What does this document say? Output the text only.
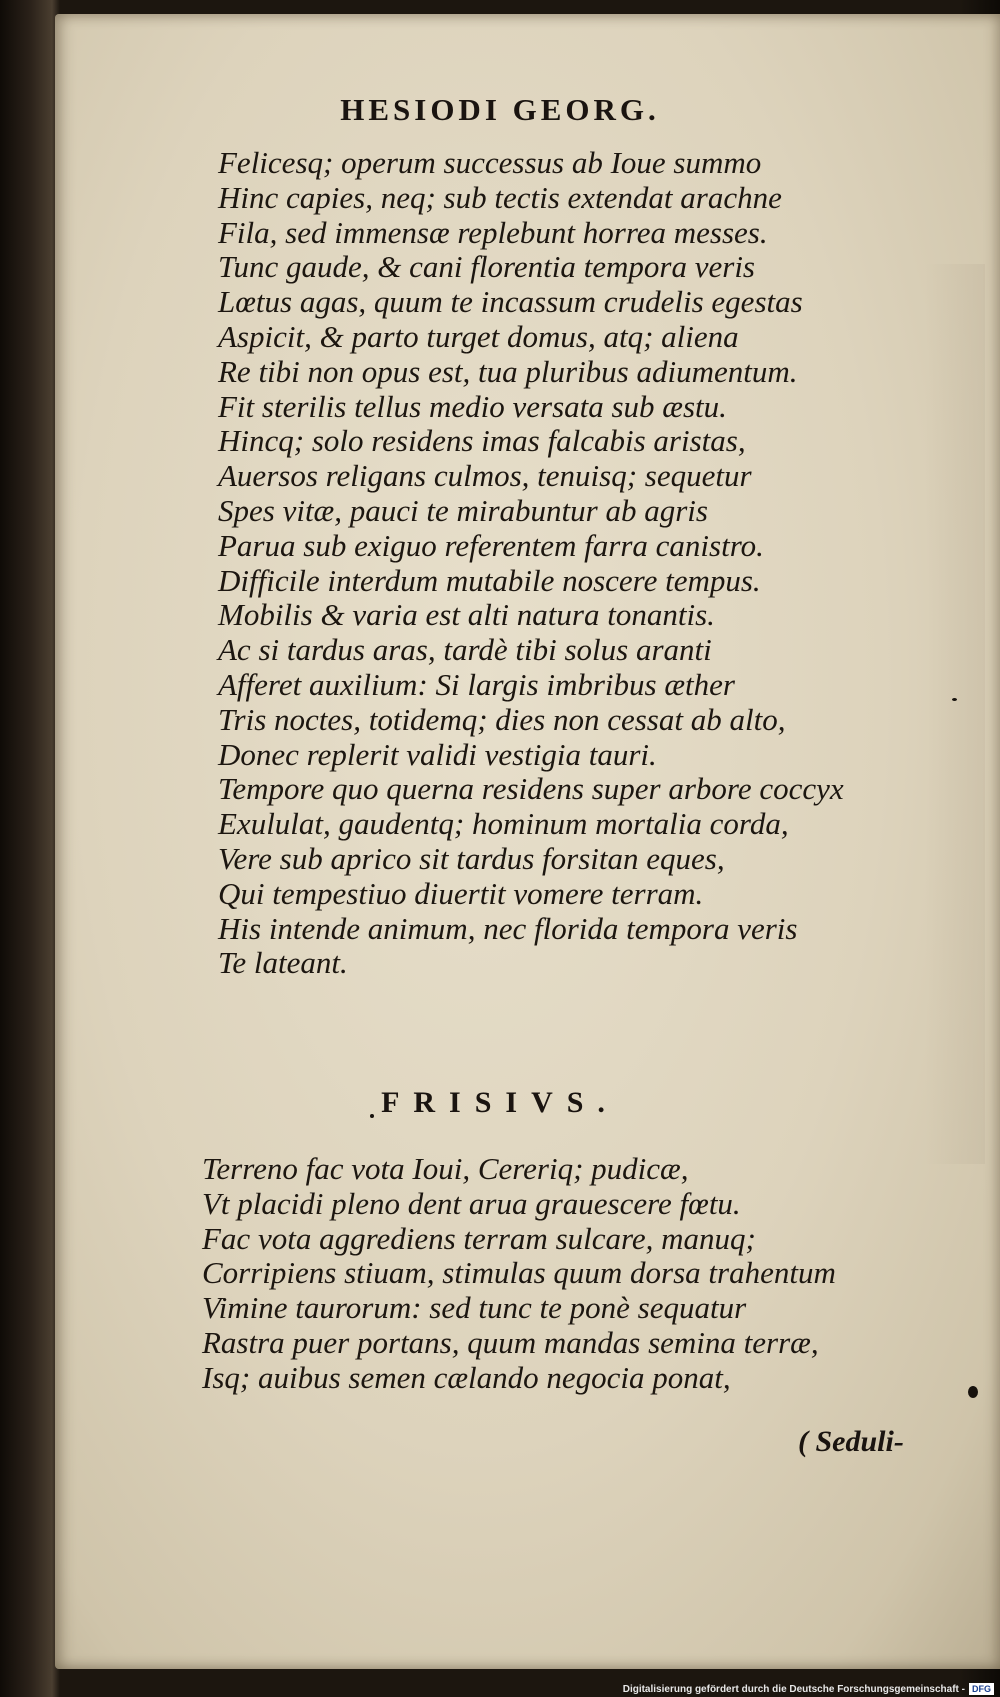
HESIODI GEORG.
Felicesq; operum successus ab Ioue summo
Hinc capies, neq; sub tectis extendat arachne
Fila, sed immensæ replebunt horrea messes.
Tunc gaude, & cani florentia tempora veris
Lœtus agas, quum te incassum crudelis egestas
Aspicit, & parto turget domus, atq; aliena
Re tibi non opus est, tua pluribus adiumentum.
Fit sterilis tellus medio versata sub æstu.
Hincq; solo residens imas falcabis aristas,
Auersos religans culmos, tenuisq; sequetur
Spes vitæ, pauci te mirabuntur ab agris
Parua sub exiguo referentem farra canistro.
Difficile interdum mutabile noscere tempus.
Mobilis & varia est alti natura tonantis.
Ac si tardus aras, tardè tibi solus aranti
Afferet auxilium: Si largis imbribus æther
Tris noctes, totidemq; dies non cessat ab alto,
Donec replerit validi vestigia tauri.
Tempore quo querna residens super arbore coccyx
Exululat, gaudentq; hominum mortalia corda,
Vere sub aprico sit tardus forsitan eques,
Qui tempestiuo diuertit vomere terram.
His intende animum, nec florida tempora veris
Te lateant.
FRISIVS.
Terreno fac vota Ioui, Cereriq; pudicæ,
Vt placidi pleno dent arua grauescere fœtu.
Fac vota aggrediens terram sulcare, manuq;
Corripiens stiuam, stimulas quum dorsa trahentum
Vimine taurorum: sed tunc te ponè sequatur
Rastra puer portans, quum mandas semina terræ,
Isq; auibus semen cælando negocia ponat,
( Seduli-
Digitalisierung gefördert durch die Deutsche Forschungsgemeinschaft - DFG
